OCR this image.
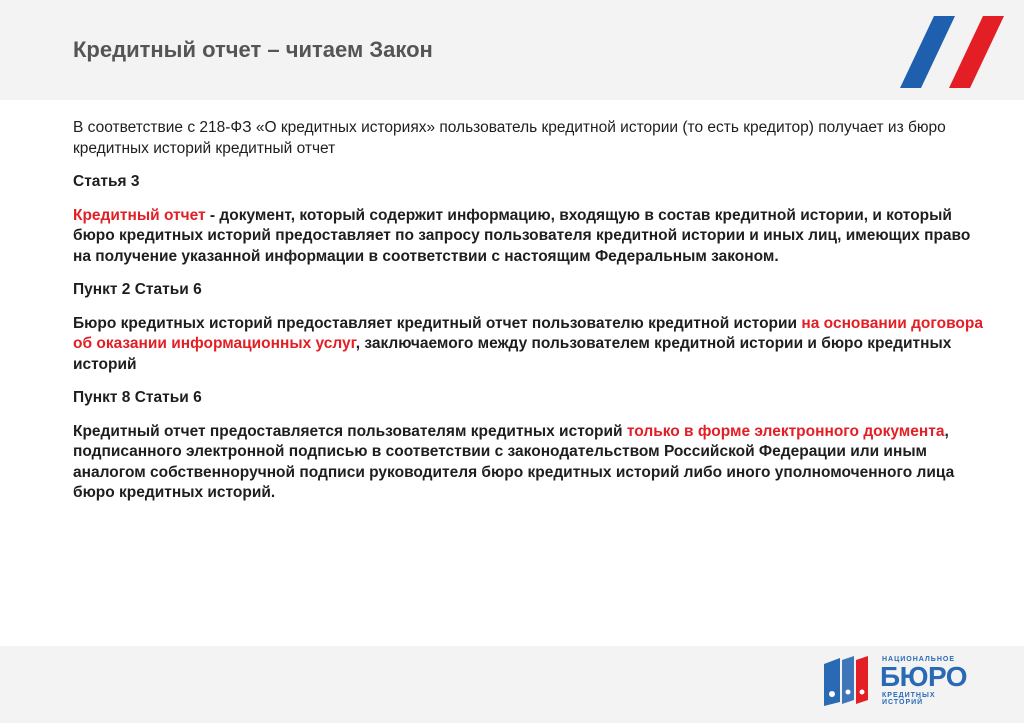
Кредитный отчет – читаем Закон

В соответствие с 218-ФЗ «О кредитных историях» пользователь кредитной истории (то есть кредитор) получает из бюро кредитных историй кредитный отчет

Статья 3

Кредитный отчет - документ, который содержит информацию, входящую в состав кредитной истории, и который бюро кредитных историй предоставляет по запросу пользователя кредитной истории и иных лиц, имеющих право на получение указанной информации в соответствии с настоящим Федеральным законом.

Пункт 2 Статьи 6

Бюро кредитных историй предоставляет кредитный отчет пользователю кредитной истории на основании договора об оказании информационных услуг, заключаемого между пользователем кредитной истории и бюро кредитных историй

Пункт 8 Статьи 6

Кредитный отчет предоставляется пользователям кредитных историй только в форме электронного документа, подписанного электронной подписью в соответствии с законодательством Российской Федерации или иным аналогом собственноручной подписи руководителя бюро кредитных историй либо иного уполномоченного лица бюро кредитных историй.

НАЦИОНАЛЬНОЕ
БЮРО
КРЕДИТНЫХ ИСТОРИЙ
